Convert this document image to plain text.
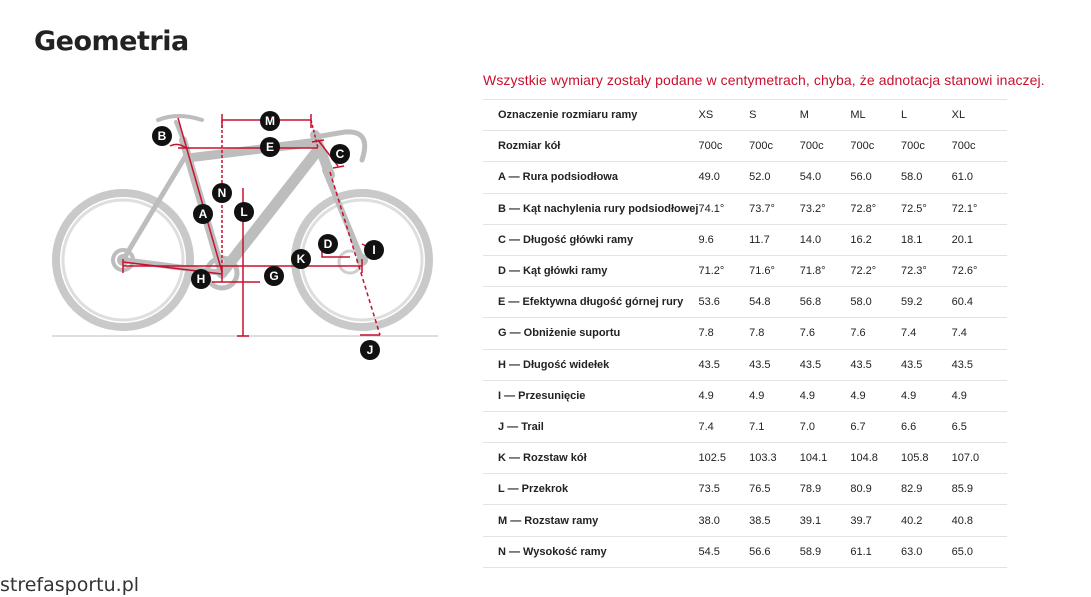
Geometria
A
B
C
D
E
G
H
I
J
K
L
M
N
Wszystkie wymiary zostały podane w centymetrach, chyba, że adnotacja stanowi inaczej.
Oznaczenie rozmiaru ramy	XS	S	M	ML	L	XL
Rozmiar kół	700c	700c	700c	700c	700c	700c
A — Rura podsiodłowa	49.0	52.0	54.0	56.0	58.0	61.0
B — Kąt nachylenia rury podsiodłowej	74.1°	73.7°	73.2°	72.8°	72.5°	72.1°
C — Długość główki ramy	9.6	11.7	14.0	16.2	18.1	20.1
D — Kąt główki ramy	71.2°	71.6°	71.8°	72.2°	72.3°	72.6°
E — Efektywna długość górnej rury	53.6	54.8	56.8	58.0	59.2	60.4
G — Obniżenie suportu	7.8	7.8	7.6	7.6	7.4	7.4
H — Długość widełek	43.5	43.5	43.5	43.5	43.5	43.5
I — Przesunięcie	4.9	4.9	4.9	4.9	4.9	4.9
J — Trail	7.4	7.1	7.0	6.7	6.6	6.5
K — Rozstaw kół	102.5	103.3	104.1	104.8	105.8	107.0
L — Przekrok	73.5	76.5	78.9	80.9	82.9	85.9
M — Rozstaw ramy	38.0	38.5	39.1	39.7	40.2	40.8
N — Wysokość ramy	54.5	56.6	58.9	61.1	63.0	65.0
strefasportu.pl
